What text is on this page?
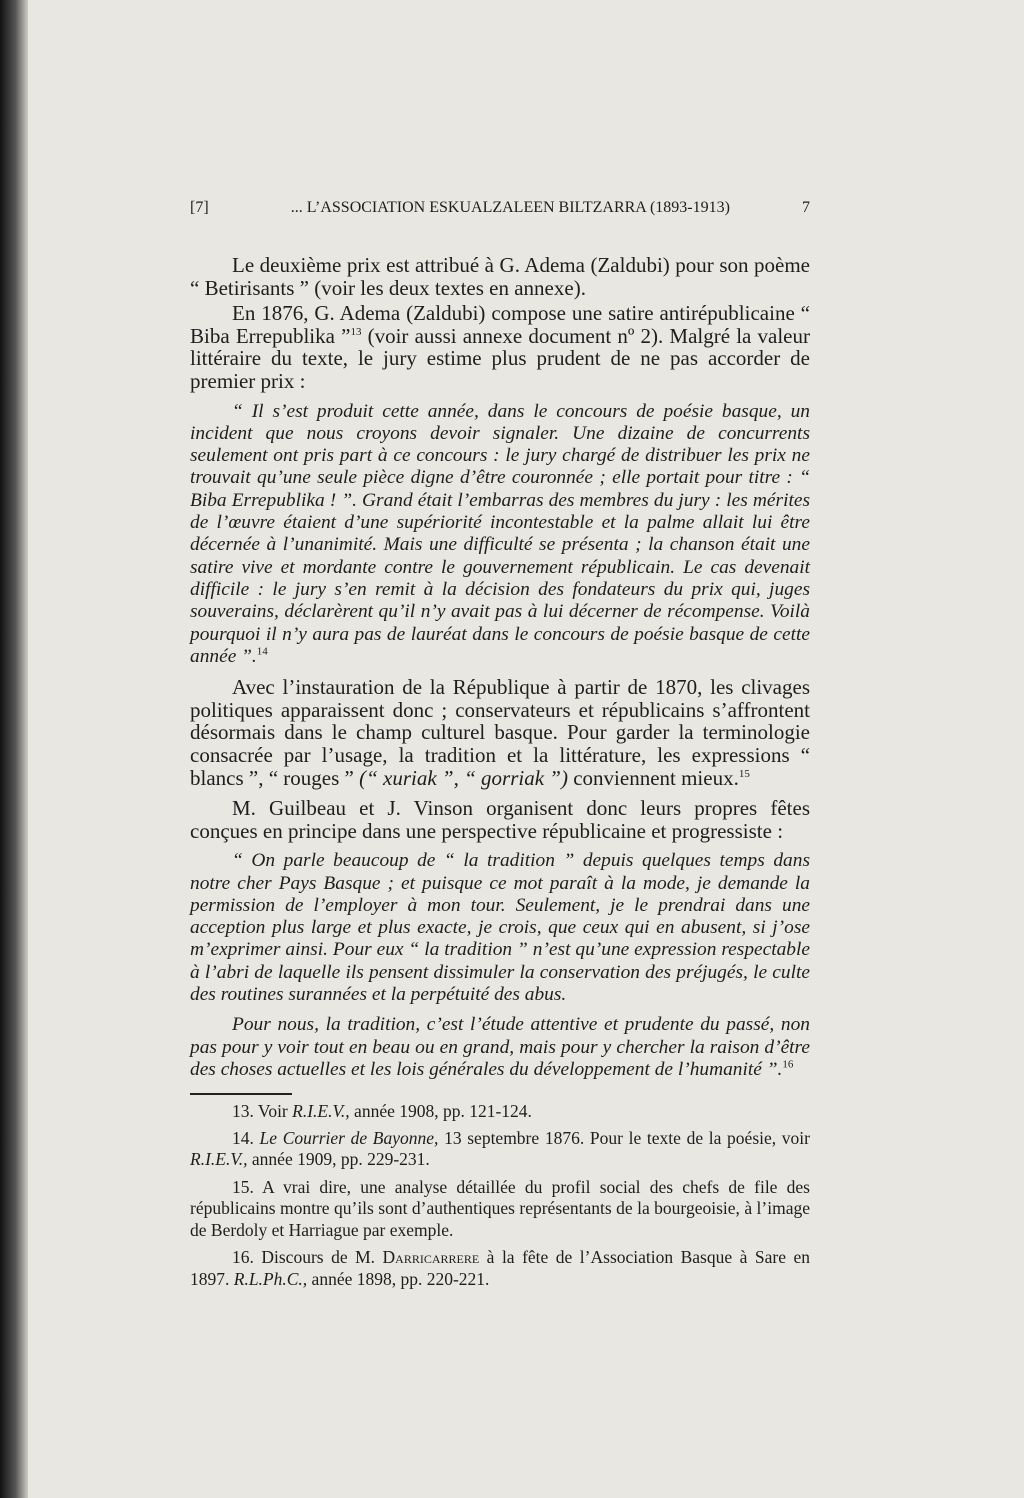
[7]	... L’ASSOCIATION ESKUALZALEEN BILTZARRA (1893-1913)	7

Le deuxième prix est attribué à G. Adema (Zaldubi) pour son poème “ Betirisants ” (voir les deux textes en annexe).

En 1876, G. Adema (Zaldubi) compose une satire antirépublicaine “ Biba Errepublika ”$^{13}$ (voir aussi annexe document nº 2). Malgré la valeur littéraire du texte, le jury estime plus prudent de ne pas accorder de premier prix :

“ Il s’est produit cette année, dans le concours de poésie basque, un incident que nous croyons devoir signaler. Une dizaine de concurrents seulement ont pris part à ce concours : le jury chargé de distribuer les prix ne trouvait qu’une seule pièce digne d’être couronnée ; elle portait pour titre : “ Biba Errepublika ! ”. Grand était l’embarras des membres du jury : les mérites de l’œuvre étaient d’une supériorité incontestable et la palme allait lui être décernée à l’unanimité. Mais une difficulté se présenta ; la chanson était une satire vive et mordante contre le gouvernement républicain. Le cas devenait difficile : le jury s’en remit à la décision des fondateurs du prix qui, juges souverains, déclarèrent qu’il n’y avait pas à lui décerner de récompense. Voilà pourquoi il n’y aura pas de lauréat dans le concours de poésie basque de cette année ”.$^{14}$

Avec l’instauration de la République à partir de 1870, les clivages politiques apparaissent donc ; conservateurs et républicains s’affrontent désormais dans le champ culturel basque. Pour garder la terminologie consacrée par l’usage, la tradition et la littérature, les expressions “ blancs ”, “ rouges ” (“ xuriak ”, “ gorriak ”) conviennent mieux.$^{15}$

M. Guilbeau et J. Vinson organisent donc leurs propres fêtes conçues en principe dans une perspective républicaine et progressiste :

“ On parle beaucoup de “ la tradition ” depuis quelques temps dans notre cher Pays Basque ; et puisque ce mot paraît à la mode, je demande la permission de l’employer à mon tour. Seulement, je le prendrai dans une acception plus large et plus exacte, je crois, que ceux qui en abusent, si j’ose m’exprimer ainsi. Pour eux “ la tradition ” n’est qu’une expression respectable à l’abri de laquelle ils pensent dissimuler la conservation des préjugés, le culte des routines surannées et la perpétuité des abus.

Pour nous, la tradition, c’est l’étude attentive et prudente du passé, non pas pour y voir tout en beau ou en grand, mais pour y chercher la raison d’être des choses actuelles et les lois générales du développement de l’humanité ”.$^{16}$

13. Voir R.I.E.V., année 1908, pp. 121-124.

14. Le Courrier de Bayonne, 13 septembre 1876. Pour le texte de la poésie, voir R.I.E.V., année 1909, pp. 229-231.

15. A vrai dire, une analyse détaillée du profil social des chefs de file des républicains montre qu’ils sont d’authentiques représentants de la bourgeoisie, à l’image de Berdoly et Harriague par exemple.

16. Discours de M. Darricarrere à la fête de l’Association Basque à Sare en 1897. R.L.Ph.C., année 1898, pp. 220-221.
